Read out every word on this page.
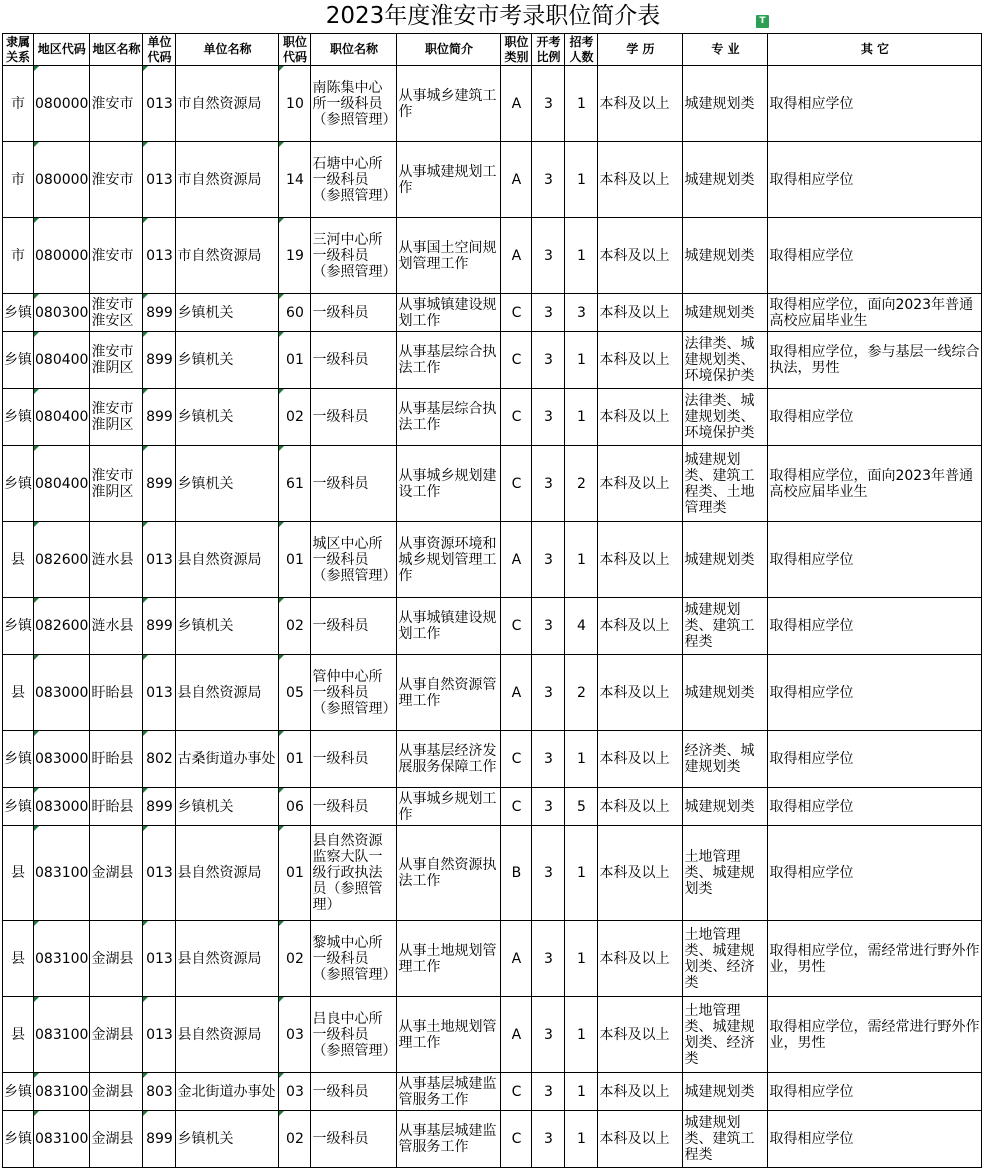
2023年度淮安市考录职位简介表	T
隶属关系	地区代码	地区名称	单位代码	单位名称	职位代码	职位名称	职位简介	职位类别	开考比例	招考人数	学 历	专 业	其 它
市	080000	淮安市	013	市自然资源局	10	南陈集中心所一级科员（参照管理）	从事城乡建筑工作	A	3	1	本科及以上	城建规划类	取得相应学位
市	080000	淮安市	013	市自然资源局	14	石塘中心所一级科员（参照管理）	从事城建规划工作	A	3	1	本科及以上	城建规划类	取得相应学位
市	080000	淮安市	013	市自然资源局	19	三河中心所一级科员（参照管理）	从事国土空间规划管理工作	A	3	1	本科及以上	城建规划类	取得相应学位
乡镇	080300	淮安市淮安区	899	乡镇机关	60	一级科员	从事城镇建设规划工作	C	3	3	本科及以上	城建规划类	取得相应学位，面向2023年普通高校应届毕业生
乡镇	080400	淮安市淮阴区	899	乡镇机关	01	一级科员	从事基层综合执法工作	C	3	1	本科及以上	法律类、城建规划类、环境保护类	取得相应学位，参与基层一线综合执法，男性
乡镇	080400	淮安市淮阴区	899	乡镇机关	02	一级科员	从事基层综合执法工作	C	3	1	本科及以上	法律类、城建规划类、环境保护类	取得相应学位
乡镇	080400	淮安市淮阴区	899	乡镇机关	61	一级科员	从事城乡规划建设工作	C	3	2	本科及以上	城建规划类、建筑工程类、土地管理类	取得相应学位，面向2023年普通高校应届毕业生
县	082600	涟水县	013	县自然资源局	01	城区中心所一级科员（参照管理）	从事资源环境和城乡规划管理工作	A	3	1	本科及以上	城建规划类	取得相应学位
乡镇	082600	涟水县	899	乡镇机关	02	一级科员	从事城镇建设规划工作	C	3	4	本科及以上	城建规划类、建筑工程类	取得相应学位
县	083000	盱眙县	013	县自然资源局	05	管仲中心所一级科员（参照管理）	从事自然资源管理工作	A	3	2	本科及以上	城建规划类	取得相应学位
乡镇	083000	盱眙县	802	古桑街道办事处	01	一级科员	从事基层经济发展服务保障工作	C	3	1	本科及以上	经济类、城建规划类	取得相应学位
乡镇	083000	盱眙县	899	乡镇机关	06	一级科员	从事城乡规划工作	C	3	5	本科及以上	城建规划类	取得相应学位
县	083100	金湖县	013	县自然资源局	01	县自然资源监察大队一级行政执法员（参照管理）	从事自然资源执法工作	B	3	1	本科及以上	土地管理类、城建规划类	取得相应学位
县	083100	金湖县	013	县自然资源局	02	黎城中心所一级科员（参照管理）	从事土地规划管理工作	A	3	1	本科及以上	土地管理类、城建规划类、经济类	取得相应学位，需经常进行野外作业，男性
县	083100	金湖县	013	县自然资源局	03	吕良中心所一级科员（参照管理）	从事土地规划管理工作	A	3	1	本科及以上	土地管理类、城建规划类、经济类	取得相应学位，需经常进行野外作业，男性
乡镇	083100	金湖县	803	金北街道办事处	03	一级科员	从事基层城建监管服务工作	C	3	1	本科及以上	城建规划类	取得相应学位
乡镇	083100	金湖县	899	乡镇机关	02	一级科员	从事基层城建监管服务工作	C	3	1	本科及以上	城建规划类、建筑工程类	取得相应学位
